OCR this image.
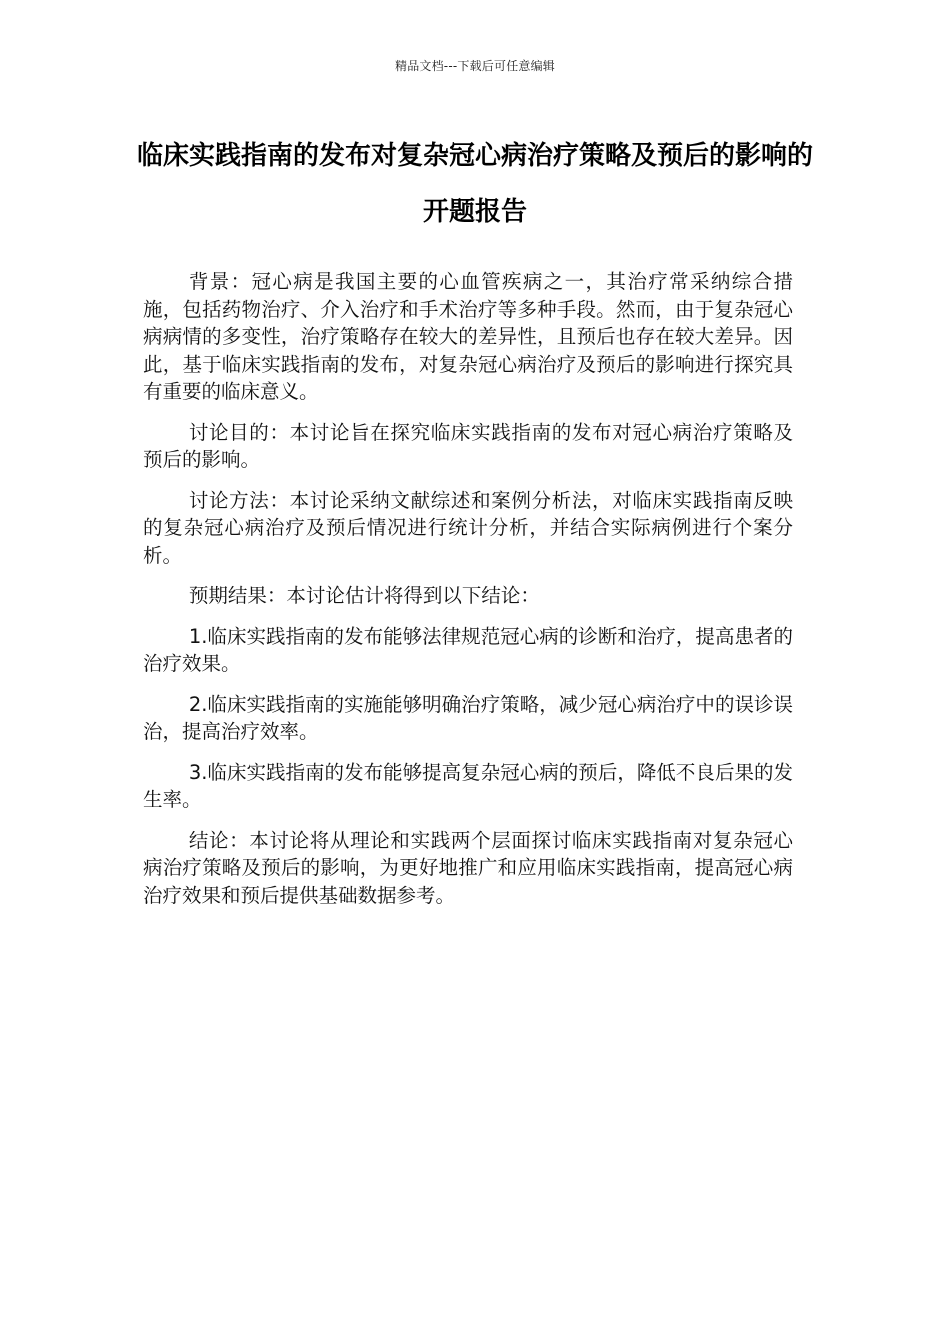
精品文档---下载后可任意编辑
临床实践指南的发布对复杂冠心病治疗策略及预后的影响的开题报告

背景：冠心病是我国主要的心血管疾病之一，其治疗常采纳综合措施，包括药物治疗、介入治疗和手术治疗等多种手段。然而，由于复杂冠心病病情的多变性，治疗策略存在较大的差异性，且预后也存在较大差异。因此，基于临床实践指南的发布，对复杂冠心病治疗及预后的影响进行探究具有重要的临床意义。

讨论目的：本讨论旨在探究临床实践指南的发布对冠心病治疗策略及预后的影响。

讨论方法：本讨论采纳文献综述和案例分析法，对临床实践指南反映的复杂冠心病治疗及预后情况进行统计分析，并结合实际病例进行个案分析。

预期结果：本讨论估计将得到以下结论：

1.临床实践指南的发布能够法律规范冠心病的诊断和治疗，提高患者的治疗效果。

2.临床实践指南的实施能够明确治疗策略，减少冠心病治疗中的误诊误治，提高治疗效率。

3.临床实践指南的发布能够提高复杂冠心病的预后，降低不良后果的发生率。

结论：本讨论将从理论和实践两个层面探讨临床实践指南对复杂冠心病治疗策略及预后的影响，为更好地推广和应用临床实践指南，提高冠心病治疗效果和预后提供基础数据参考。
